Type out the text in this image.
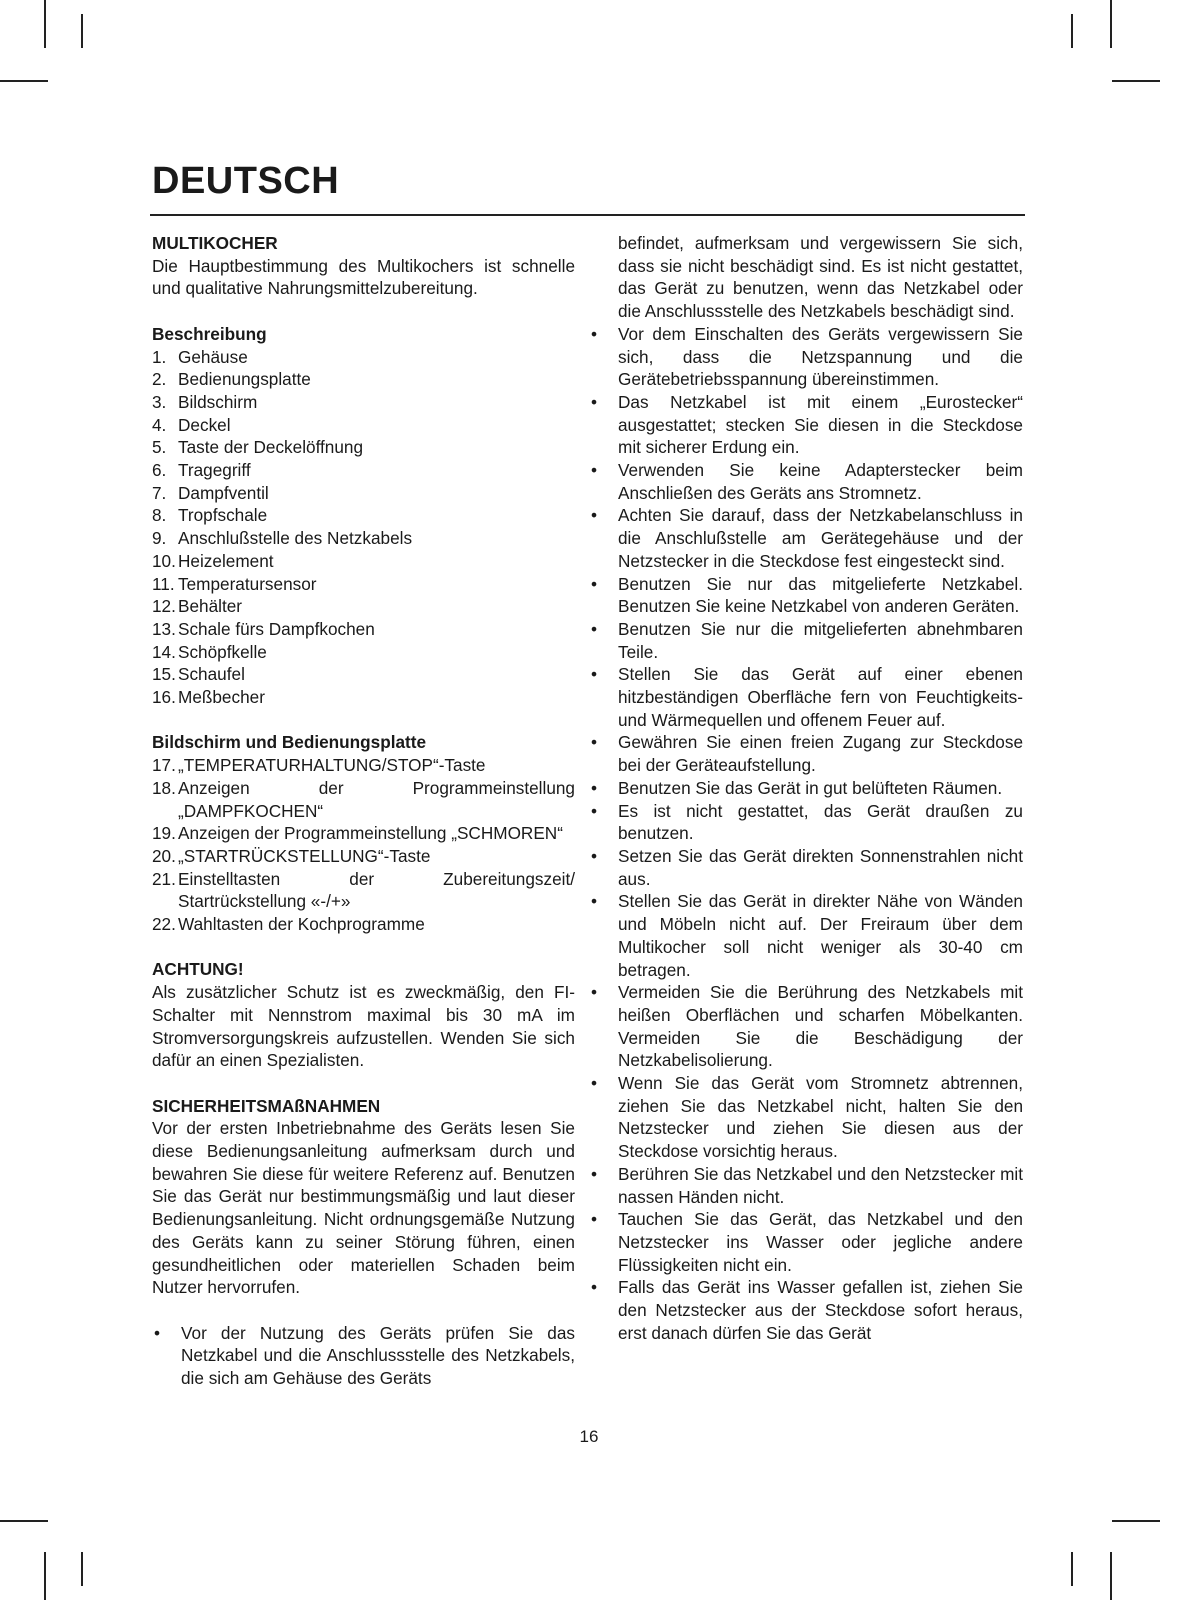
DEUTSCH
MULTIKOCHER
Die Hauptbestimmung des Multikochers ist schnelle und qualitative Nahrungsmittelzubereitung.
Beschreibung
1. Gehäuse
2. Bedienungsplatte
3. Bildschirm
4. Deckel
5. Taste der Deckelöffnung
6. Tragegriff
7. Dampfventil
8. Tropfschale
9. Anschlußstelle des Netzkabels
10. Heizelement
11. Temperatursensor
12. Behälter
13. Schale fürs Dampfkochen
14. Schöpfkelle
15. Schaufel
16. Meßbecher
Bildschirm und Bedienungsplatte
17. „TEMPERATURHALTUNG/STOP“-Taste
18. Anzeigen der Programmeinstellung „DAMPFKOCHEN“
19. Anzeigen der Programmeinstellung „SCHMOREN“
20. „STARTRÜCKSTELLUNG“-Taste
21. Einstelltasten der Zubereitungszeit/ Startrückstellung «-/+»
22. Wahltasten der Kochprogramme
ACHTUNG!
Als zusätzlicher Schutz ist es zweckmäßig, den FI-Schalter mit Nennstrom maximal bis 30 mA im Stromversorgungskreis aufzustellen. Wenden Sie sich dafür an einen Spezialisten.
SICHERHEITSMAßNAHMEN
Vor der ersten Inbetriebnahme des Geräts lesen Sie diese Bedienungsanleitung aufmerksam durch und bewahren Sie diese für weitere Referenz auf. Benutzen Sie das Gerät nur bestimmungsmäßig und laut dieser Bedienungsanleitung. Nicht ordnungsgemäße Nutzung des Geräts kann zu seiner Störung führen, einen gesundheitlichen oder materiellen Schaden beim Nutzer hervorrufen.
•	Vor der Nutzung des Geräts prüfen Sie das Netzkabel und die Anschlussstelle des Netzkabels, die sich am Gehäuse des Geräts
befindet, aufmerksam und vergewissern Sie sich, dass sie nicht beschädigt sind. Es ist nicht gestattet, das Gerät zu benutzen, wenn das Netzkabel oder die Anschlussstelle des Netzkabels beschädigt sind.
•	Vor dem Einschalten des Geräts vergewissern Sie sich, dass die Netzspannung und die Gerätebetriebsspannung übereinstimmen.
•	Das Netzkabel ist mit einem „Eurostecker“ ausgestattet; stecken Sie diesen in die Steckdose mit sicherer Erdung ein.
•	Verwenden Sie keine Adapterstecker beim Anschließen des Geräts ans Stromnetz.
•	Achten Sie darauf, dass der Netzkabelanschluss in die Anschlußstelle am Gerätegehäuse und der Netzstecker in die Steckdose fest eingesteckt sind.
•	Benutzen Sie nur das mitgelieferte Netzkabel. Benutzen Sie keine Netzkabel von anderen Geräten.
•	Benutzen Sie nur die mitgelieferten abnehmbaren Teile.
•	Stellen Sie das Gerät auf einer ebenen hitzbeständigen Oberfläche fern von Feuchtigkeits- und Wärmequellen und offenem Feuer auf.
•	Gewähren Sie einen freien Zugang zur Steckdose bei der Geräteaufstellung.
•	Benutzen Sie das Gerät in gut belüfteten Räumen.
•	Es ist nicht gestattet, das Gerät draußen zu benutzen.
•	Setzen Sie das Gerät direkten Sonnenstrahlen nicht aus.
•	Stellen Sie das Gerät in direkter Nähe von Wänden und Möbeln nicht auf. Der Freiraum über dem Multikocher soll nicht weniger als 30-40 cm betragen.
•	Vermeiden Sie die Berührung des Netzkabels mit heißen Oberflächen und scharfen Möbelkanten. Vermeiden Sie die Beschädigung der Netzkabelisolierung.
•	Wenn Sie das Gerät vom Stromnetz abtrennen, ziehen Sie das Netzkabel nicht, halten Sie den Netzstecker und ziehen Sie diesen aus der Steckdose vorsichtig heraus.
•	Berühren Sie das Netzkabel und den Netzstecker mit nassen Händen nicht.
•	Tauchen Sie das Gerät, das Netzkabel und den Netzstecker ins Wasser oder jegliche andere Flüssigkeiten nicht ein.
•	Falls das Gerät ins Wasser gefallen ist, ziehen Sie den Netzstecker aus der Steckdose sofort heraus, erst danach dürfen Sie das Gerät
16
